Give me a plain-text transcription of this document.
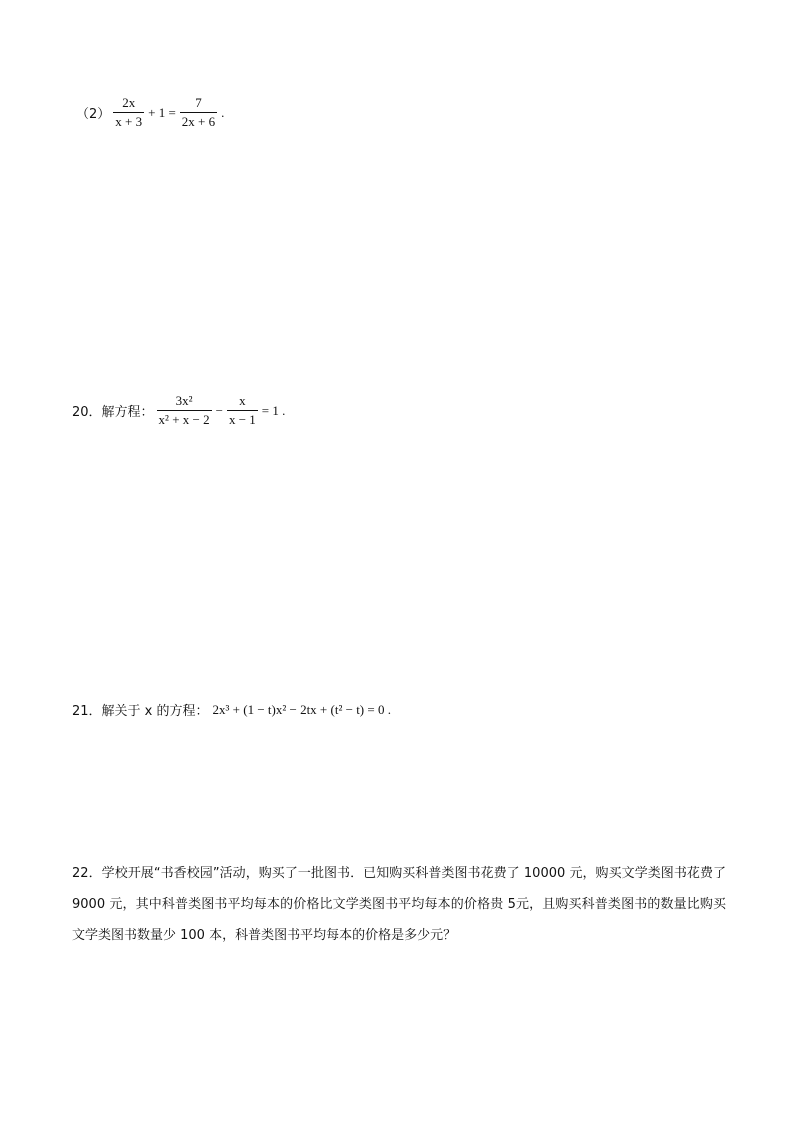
$(2) \frac{2x}{x + 3} + 1 = \frac{7}{2x + 6}$ .
20．解方程： $\frac{\text{3x²}}{\text{x² + x − 2}} - \frac{x}{x - 1} = 1$ .
21．解关于 x 的方程： 2x³ + (1 − t)x² − 2tx + (t² − t) = 0 .
22．学校开展“书香校园”活动，购买了一批图书．已知购买科普类图书花费了 10000 元，购买文学类图书花费了 9000 元，其中科普类图书平均每本的价格比文学类图书平均每本的价格贵 5元，且购买科普类图书的数量比购买文学类图书数量少 100 本，科普类图书平均每本的价格是多少元？
